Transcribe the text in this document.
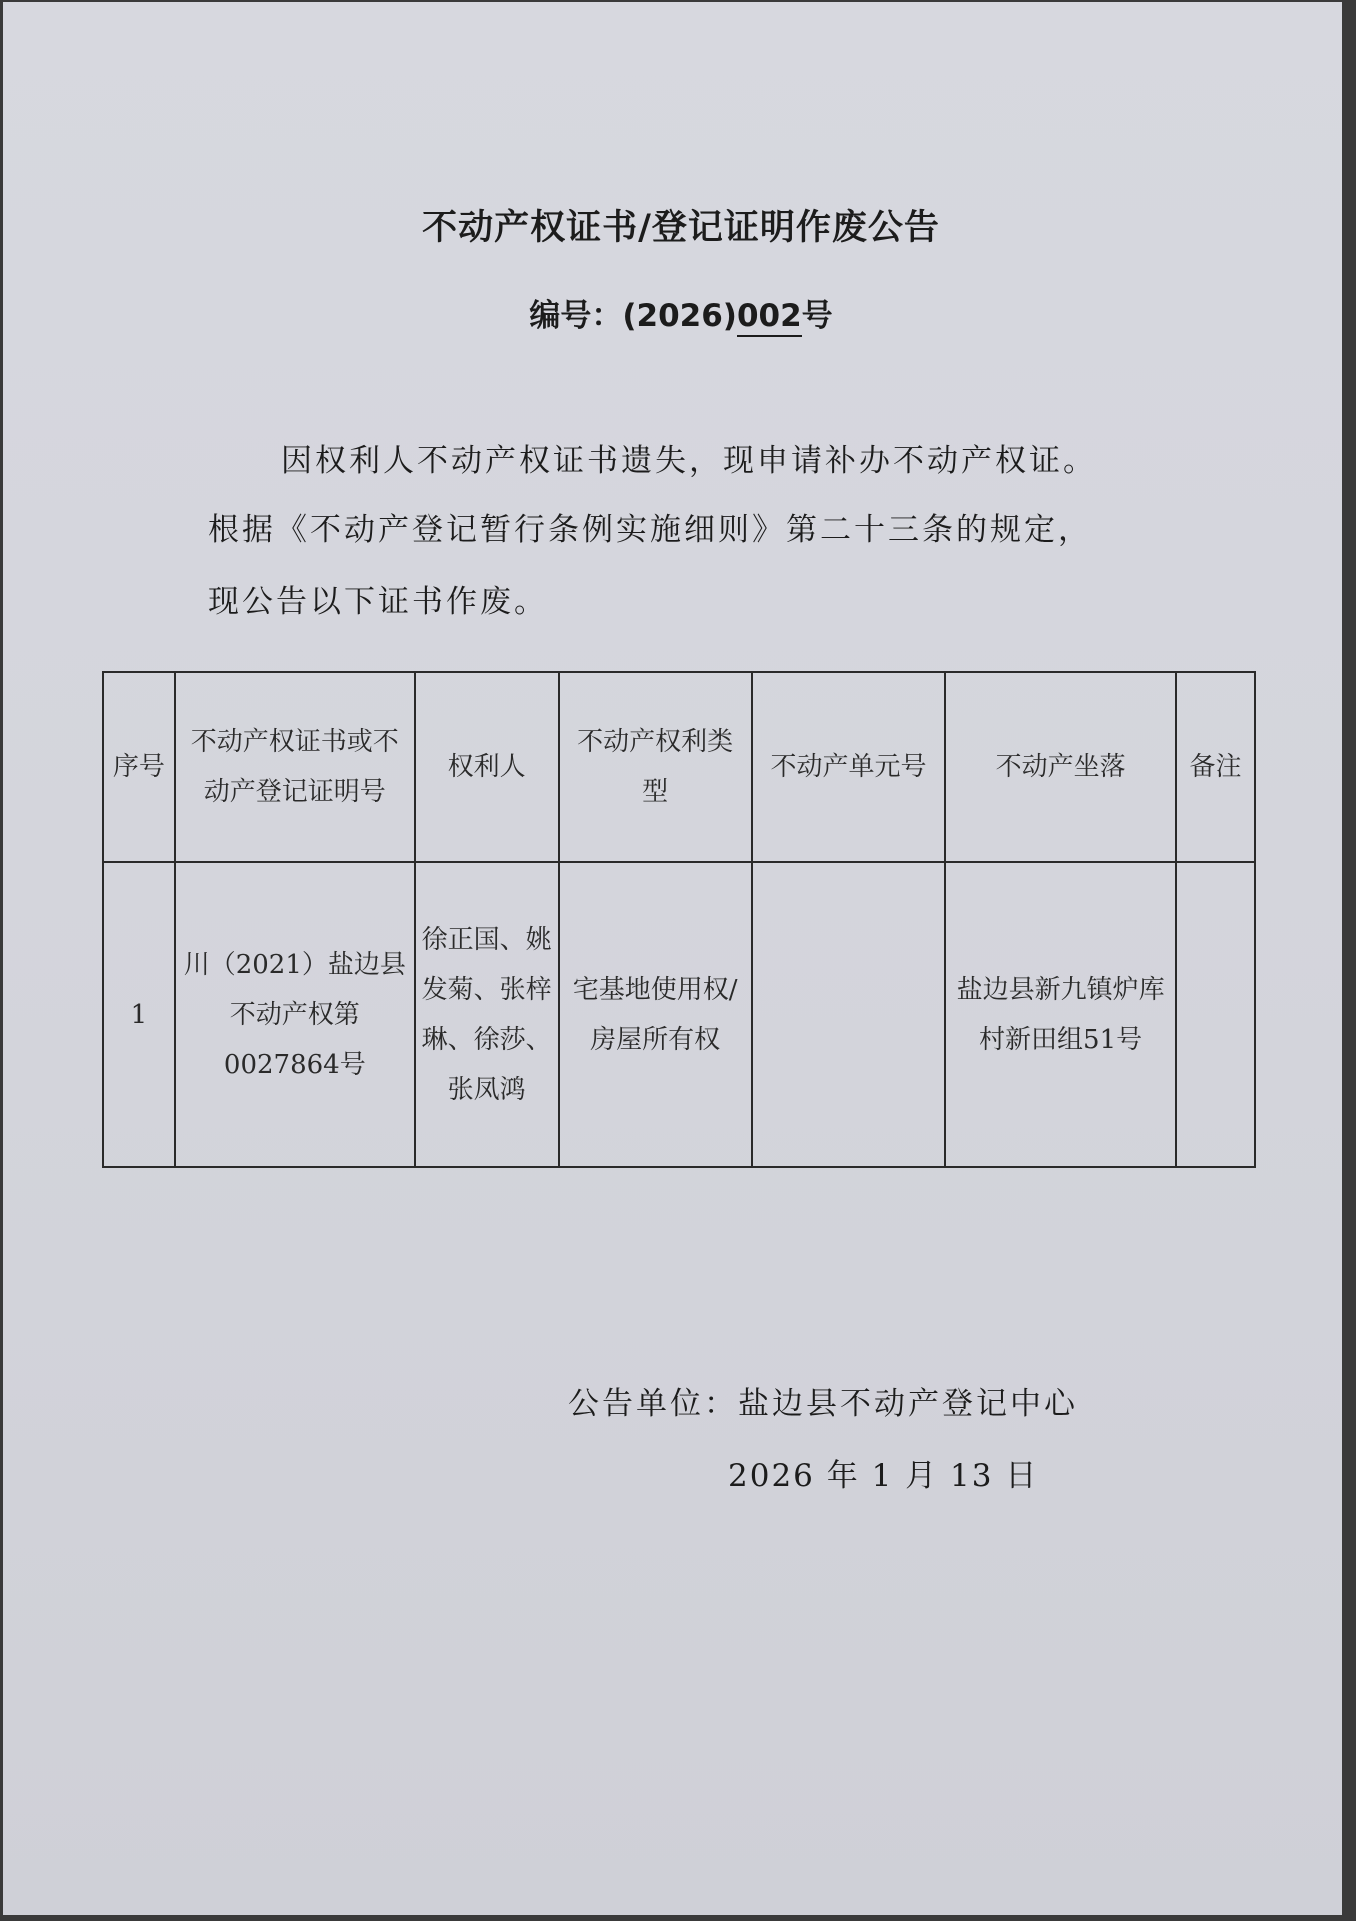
不动产权证书/登记证明作废公告
编号：(2026)002号
因权利人不动产权证书遗失，现申请补办不动产权证。
根据《不动产登记暂行条例实施细则》第二十三条的规定，
现公告以下证书作废。
序号	不动产权证书或不动产登记证明号	权利人	不动产权利类 型	不动产单元号	不动产坐落	备注

1	川（2021）盐边县不动产权第0027864号	徐正国、姚发菊、张梓琳、徐莎、张凤鸿	宅基地使用权/房屋所有权		盐边县新九镇炉库村新田组51号	

公告单位：盐边县不动产登记中心
2026 年 1 月 13 日
